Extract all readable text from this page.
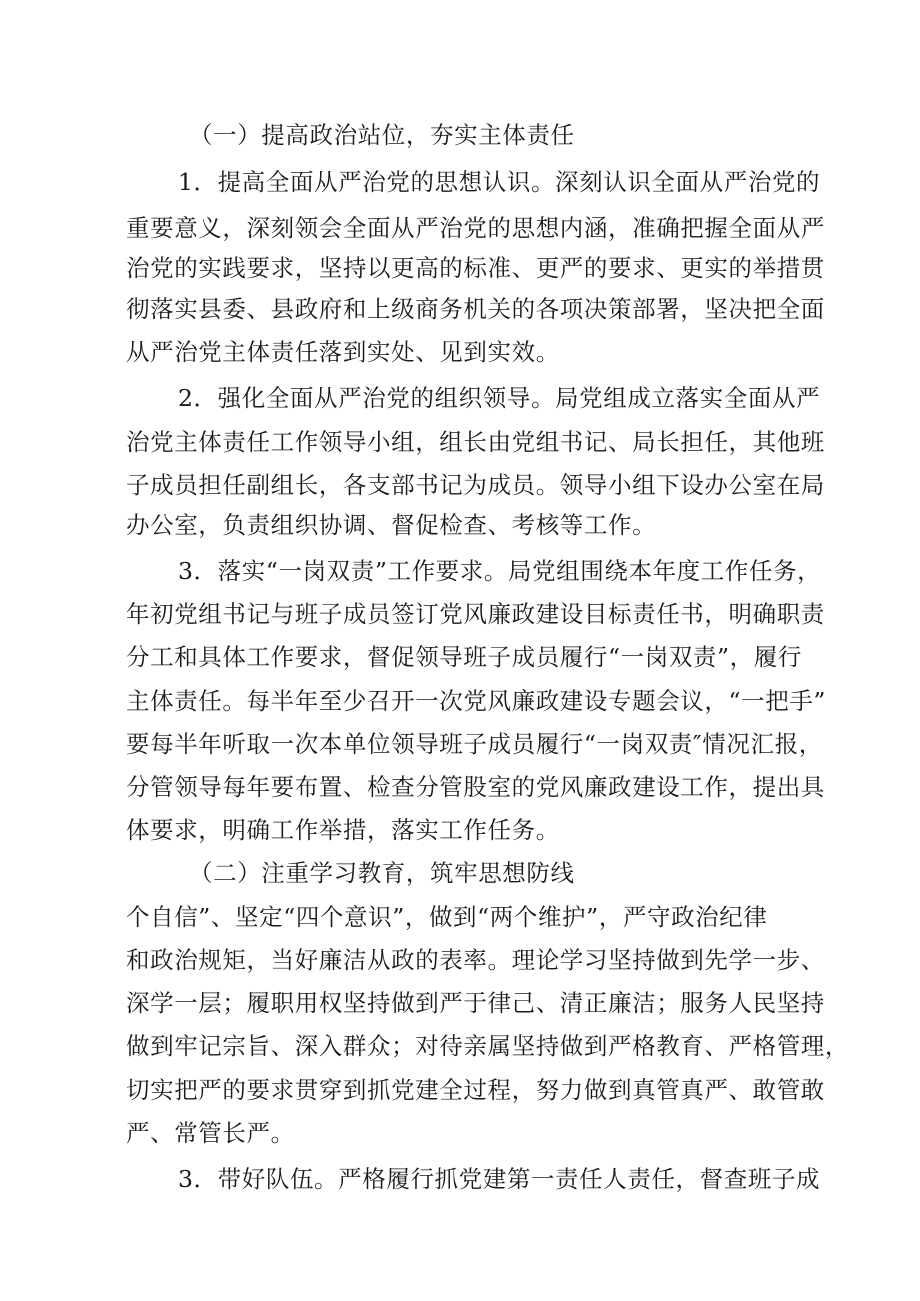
（一）提高政治站位，夯实主体责任
1．提高全面从严治党的思想认识。深刻认识全面从严治党的
重要意义，深刻领会全面从严治党的思想内涵，准确把握全面从严
治党的实践要求，坚持以更高的标准、更严的要求、更实的举措贯
彻落实县委、县政府和上级商务机关的各项决策部署，坚决把全面
从严治党主体责任落到实处、见到实效。
2．强化全面从严治党的组织领导。局党组成立落实全面从严
治党主体责任工作领导小组，组长由党组书记、局长担任，其他班
子成员担任副组长，各支部书记为成员。领导小组下设办公室在局
办公室，负责组织协调、督促检查、考核等工作。
3．落实“一岗双责”工作要求。局党组围绕本年度工作任务，
年初党组书记与班子成员签订党风廉政建设目标责任书，明确职责
分工和具体工作要求，督促领导班子成员履行“一岗双责”，履行
主体责任。每半年至少召开一次党风廉政建设专题会议，“一把手”
要每半年听取一次本单位领导班子成员履行“一岗双责″情况汇报，
分管领导每年要布置、检查分管股室的党风廉政建设工作，提出具
体要求，明确工作举措，落实工作任务。
（二）注重学习教育，筑牢思想防线
个自信”、坚定“四个意识”，做到“两个维护”，严守政治纪律
和政治规矩，当好廉洁从政的表率。理论学习坚持做到先学一步、
深学一层；履职用权坚持做到严于律己、清正廉洁；服务人民坚持
做到牢记宗旨、深入群众；对待亲属坚持做到严格教育、严格管理，
切实把严的要求贯穿到抓党建全过程，努力做到真管真严、敢管敢
严、常管长严。
3．带好队伍。严格履行抓党建第一责任人责任，督查班子成
